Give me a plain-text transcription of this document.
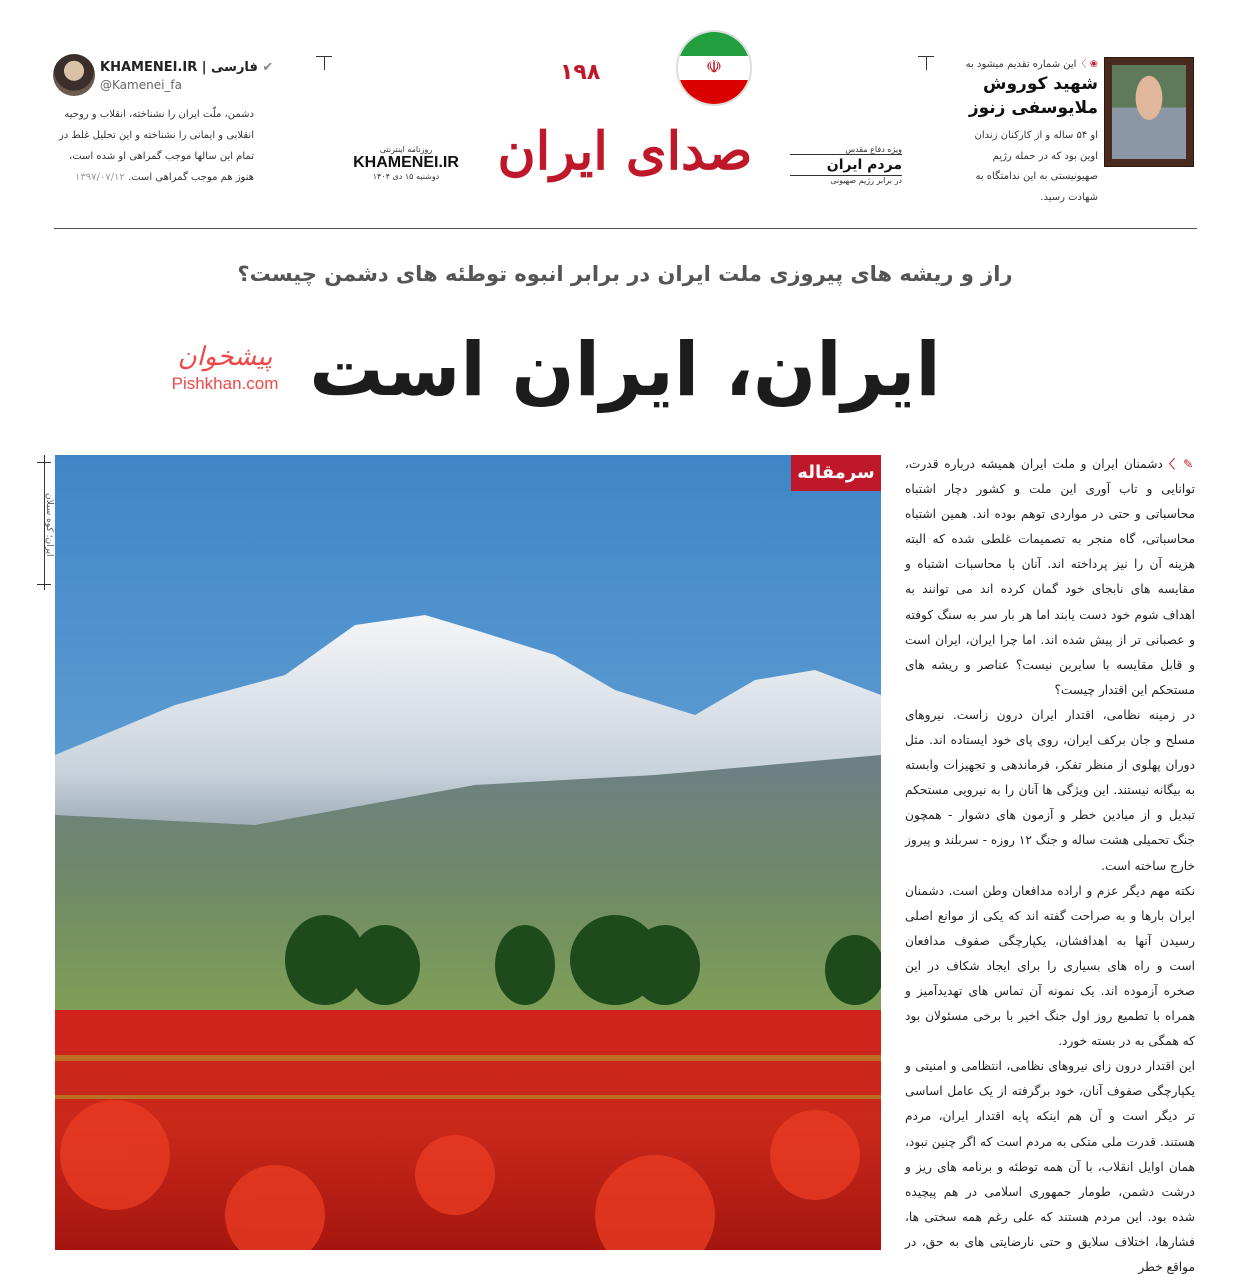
KHAMENEI.IR | فارسی ✔
@Kamenei_fa
دشمن، ملّت ایران را نشناخته، انقلاب و روحیه انقلابی و ایمانی را نشناخته و این تحلیل غلط در تمام این سالها موجب گمراهی او شده است، هنوز هم موجب گمراهی است. ۱۳۹۷/۰۷/۱۲
❀ 〉این شماره تقدیم میشود به
شهید کوروش
ملایوسفی زنوز
او ۵۴ ساله و از کارکنان زندان اوین بود که در حمله رژیم صهیونیستی به این ندامتگاه به شهادت رسید.
☫
۱۹۸
صدای ایران
روزنامه اینترنتی
KHAMENEI.IR
دوشنبه ۱۵ دی ۱۴۰۴
ویژه دفاع مقدس
مردم ایران
در برابر رژیم صهیونی
راز و ریشه های پیروزی ملت ایران در برابر انبوه توطئه های دشمن چیست؟
ایران، ایران است
پیشخوان
Pishkhan.com
سرمقاله
ایران؛ کوه سبلان

✎ 〉دشمنان ایران و ملت ایران همیشه درباره قدرت، توانایی و تاب آوری این ملت و کشور دچار اشتباه محاسباتی و حتی در مواردی توهم بوده اند. همین اشتباه محاسباتی، گاه منجر به تصمیمات غلطی شده که البته هزینه آن را نیز پرداخته اند. آنان با محاسبات اشتباه و مقایسه های نابجای خود گمان کرده اند می توانند به اهداف شوم خود دست یابند اما هر بار سر به سنگ کوفته و عصبانی تر از پیش شده اند. اما چرا ایران، ایران است و قابل مقایسه با سایرین نیست؟ عناصر و ریشه های مستحکم این اقتدار چیست؟

در زمینه نظامی، اقتدار ایران درون زاست. نیروهای مسلح و جان برکف ایران، روی پای خود ایستاده اند. مثل دوران پهلوی از منظر تفکر، فرماندهی و تجهیزات وابسته به بیگانه نیستند. این ویژگی ها آنان را به نیرویی مستحکم تبدیل و از میادین خطر و آزمون های دشوار - همچون جنگ تحمیلی هشت ساله و جنگ ۱۲ روزه - سربلند و پیروز خارج ساخته است.

نکته مهم دیگر عزم و اراده مدافعان وطن است. دشمنان ایران بارها و به صراحت گفته اند که یکی از موانع اصلی رسیدن آنها به اهدافشان، یکپارچگی صفوف مدافعان است و راه های بسیاری را برای ایجاد شکاف در این صخره آزموده اند. یک نمونه آن تماس های تهدیدآمیز و همراه با تطمیع روز اول جنگ اخیر با برخی مسئولان بود که همگی به در بسته خورد.

این اقتدار درون زای نیروهای نظامی، انتظامی و امنیتی و یکپارچگی صفوف آنان، خود برگرفته از یک عامل اساسی تر دیگر است و آن هم اینکه پایه اقتدار ایران، مردم هستند. قدرت ملی متکی به مردم است که اگر چنین نبود، همان اوایل انقلاب، با آن همه توطئه و برنامه های ریز و درشت دشمن، طومار جمهوری اسلامی در هم پیچیده شده بود. این مردم هستند که علی رغم همه سختی ها، فشارها، اختلاف سلایق و حتی نارضایتی های به حق، در مواقع خطر
